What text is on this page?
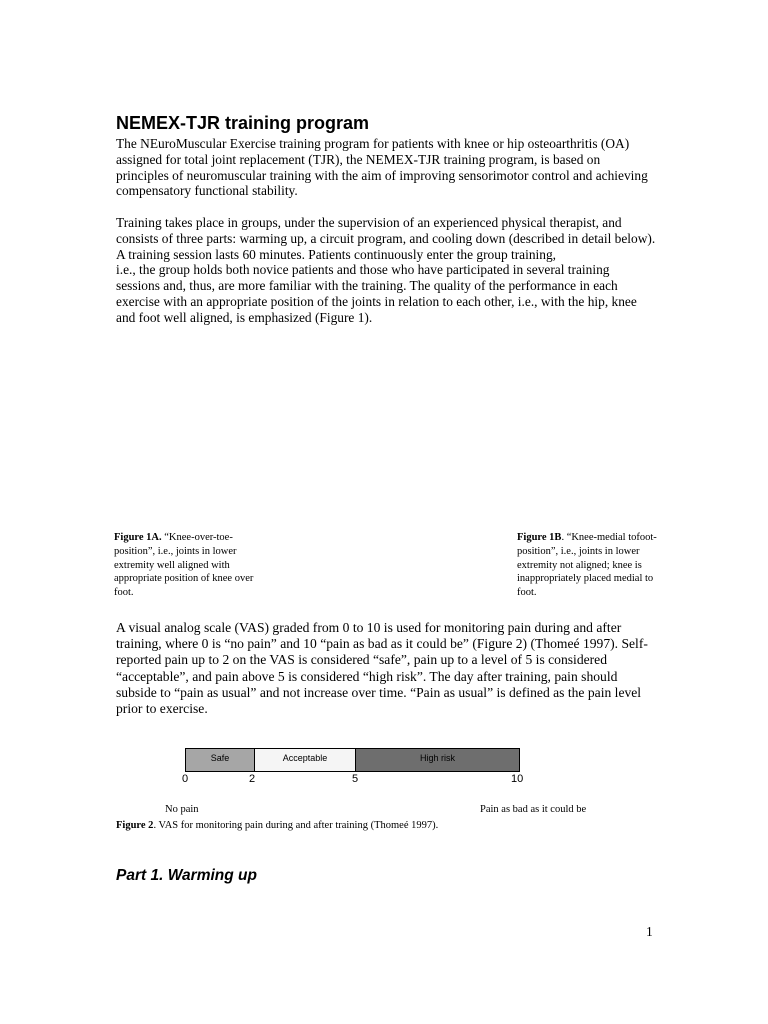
NEMEX-TJR training program

The NEuroMuscular Exercise training program for patients with knee or hip osteoarthritis (OA) assigned for total joint replacement (TJR), the NEMEX-TJR training program, is based on principles of neuromuscular training with the aim of improving sensorimotor control and achieving compensatory functional stability.

Training takes place in groups, under the supervision of an experienced physical therapist, and consists of three parts: warming up, a circuit program, and cooling down (described in detail below). A training session lasts 60 minutes. Patients continuously enter the group training,

i.e., the group holds both novice patients and those who have participated in several training sessions and, thus, are more familiar with the training. The quality of the performance in each exercise with an appropriate position of the joints in relation to each other, i.e., with the hip, knee and foot well aligned, is emphasized (Figure 1).

Figure 1A. “Knee-over-toe-position”, i.e., joints in lower extremity well aligned with appropriate position of knee over foot.
Figure 1B. “Knee-medial tofoot-position”, i.e., joints in lower extremity not aligned; knee is inappropriately placed medial to foot.

A visual analog scale (VAS) graded from 0 to 10 is used for monitoring pain during and after training, where 0 is “no pain” and 10 “pain as bad as it could be” (Figure 2) (Thomeé 1997). Self-reported pain up to 2 on the VAS is considered “safe”, pain up to a level of 5 is considered “acceptable”, and pain above 5 is considered “high risk”. The day after training, pain should subside to “pain as usual” and not increase over time. “Pain as usual” is defined as the pain level prior to exercise.

Safe	Acceptable	High risk
0	2	5	10
No pain	Pain as bad as it could be
Figure 2. VAS for monitoring pain during and after training (Thomeé 1997).
Part 1. Warming up
1
